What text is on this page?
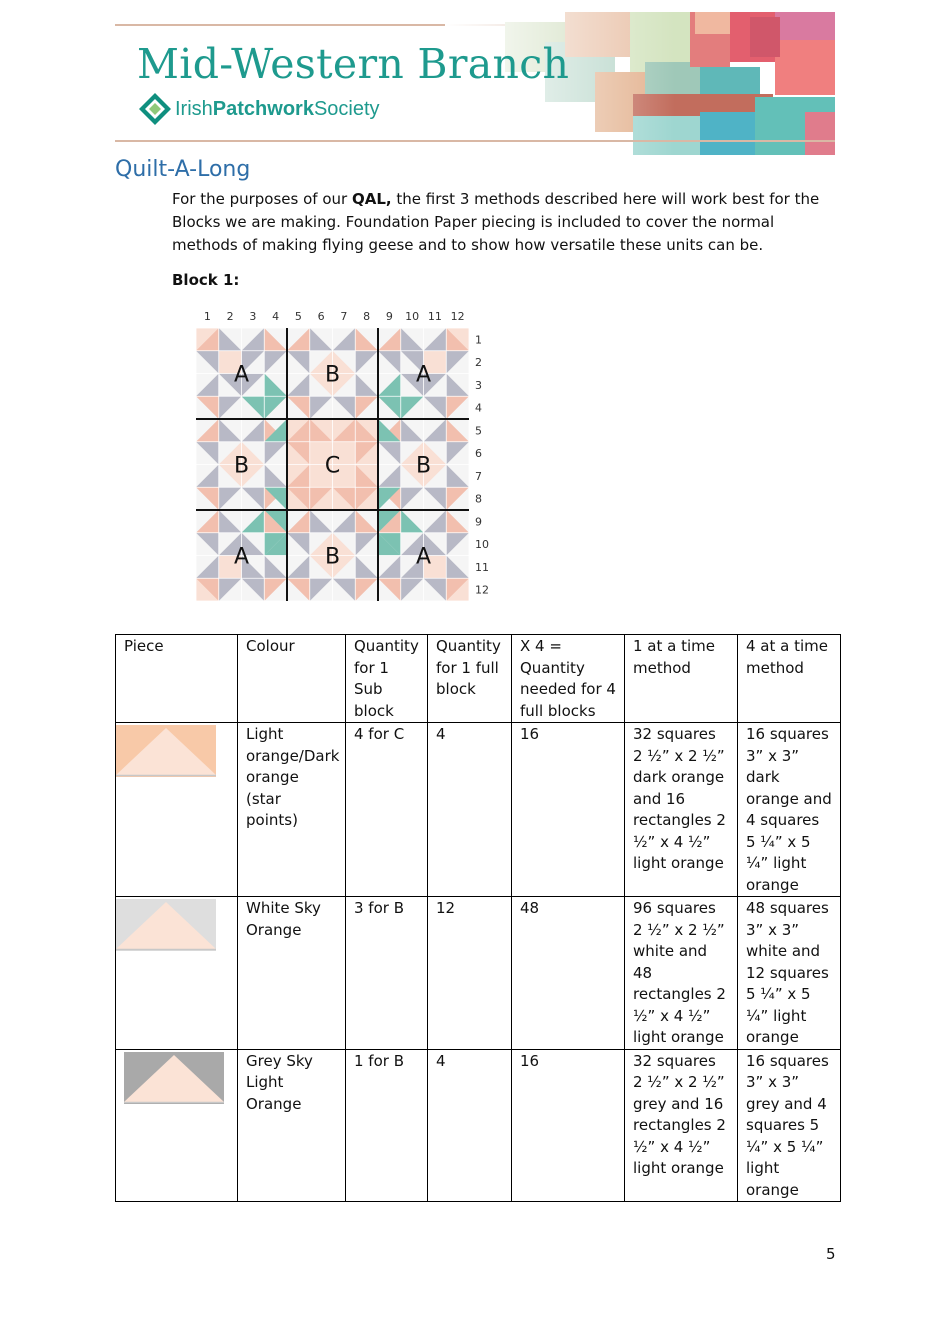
Mid-Western Branch
IrishPatchworkSociety
Quilt-A-Long
For the purposes of our QAL, the first 3 methods described here will work best for the Blocks we are making. Foundation Paper piecing is included to cover the normal methods of making flying geese and to show how versatile these units can be.
Block 1:
1 2 3 4 5 6 7 8 9 10 11 12
1
2
3
4
5
6
7
8
9
10
11
12
A	B	A
B	C	B
A	B	A
Piece	Colour	Quantity for 1 Sub block	Quantity for 1 full block	X 4 = Quantity needed for 4 full blocks	1 at a time method	4 at a time method

	Light orange/Dark orange (star points)	4 for C	4	16	32 squares 2 ½” x 2 ½” dark orange and 16 rectangles 2 ½” x 4 ½” light orange	16 squares 3” x 3” dark orange and 4 squares 5 ¼” x 5 ¼” light orange

	White Sky Orange	3 for B	12	48	96 squares 2 ½” x 2 ½” white and 48 rectangles 2 ½” x 4 ½” light orange	48 squares 3” x 3” white and 12 squares 5 ¼” x 5 ¼” light orange

	Grey Sky Light Orange	1 for B	4	16	32 squares 2 ½” x 2 ½” grey and 16 rectangles 2 ½” x 4 ½” light orange	16 squares 3” x 3” grey and 4 squares 5 ¼” x 5 ¼” light orange
5
